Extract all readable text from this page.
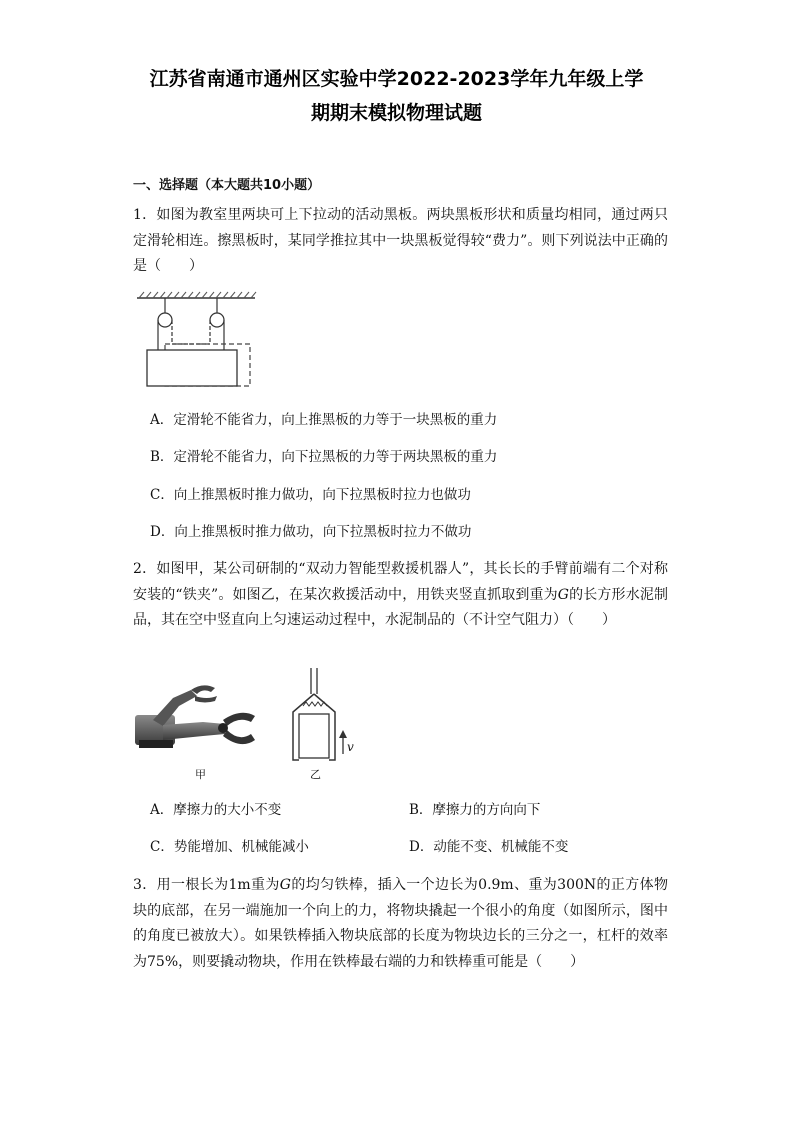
江苏省南通市通州区实验中学2022-2023学年九年级上学
期期末模拟物理试题
一、选择题（本大题共10小题）
1．如图为教室里两块可上下拉动的活动黑板。两块黑板形状和质量均相同，通过两只定滑轮相连。擦黑板时，某同学推拉其中一块黑板觉得较“费力”。则下列说法中正确的是（　　）
A．定滑轮不能省力，向上推黑板的力等于一块黑板的重力
B．定滑轮不能省力，向下拉黑板的力等于两块黑板的重力
C．向上推黑板时推力做功，向下拉黑板时拉力也做功
D．向上推黑板时推力做功，向下拉黑板时拉力不做功
2．如图甲，某公司研制的“双动力智能型救援机器人”，其长长的手臂前端有二个对称安装的“铁夹”。如图乙，在某次救援活动中，用铁夹竖直抓取到重为G的长方形水泥制品，其在空中竖直向上匀速运动过程中，水泥制品的（不计空气阻力）（　　）
甲
v
乙
A．摩擦力的大小不变	B．摩擦力的方向向下
C．势能增加、机械能减小	D．动能不变、机械能不变
3．用一根长为1m重为G的均匀铁棒，插入一个边长为0.9m、重为300N的正方体物块的底部，在另一端施加一个向上的力，将物块撬起一个很小的角度（如图所示，图中的角度已被放大）。如果铁棒插入物块底部的长度为物块边长的三分之一，杠杆的效率为75%，则要撬动物块，作用在铁棒最右端的力和铁棒重可能是（　　）
